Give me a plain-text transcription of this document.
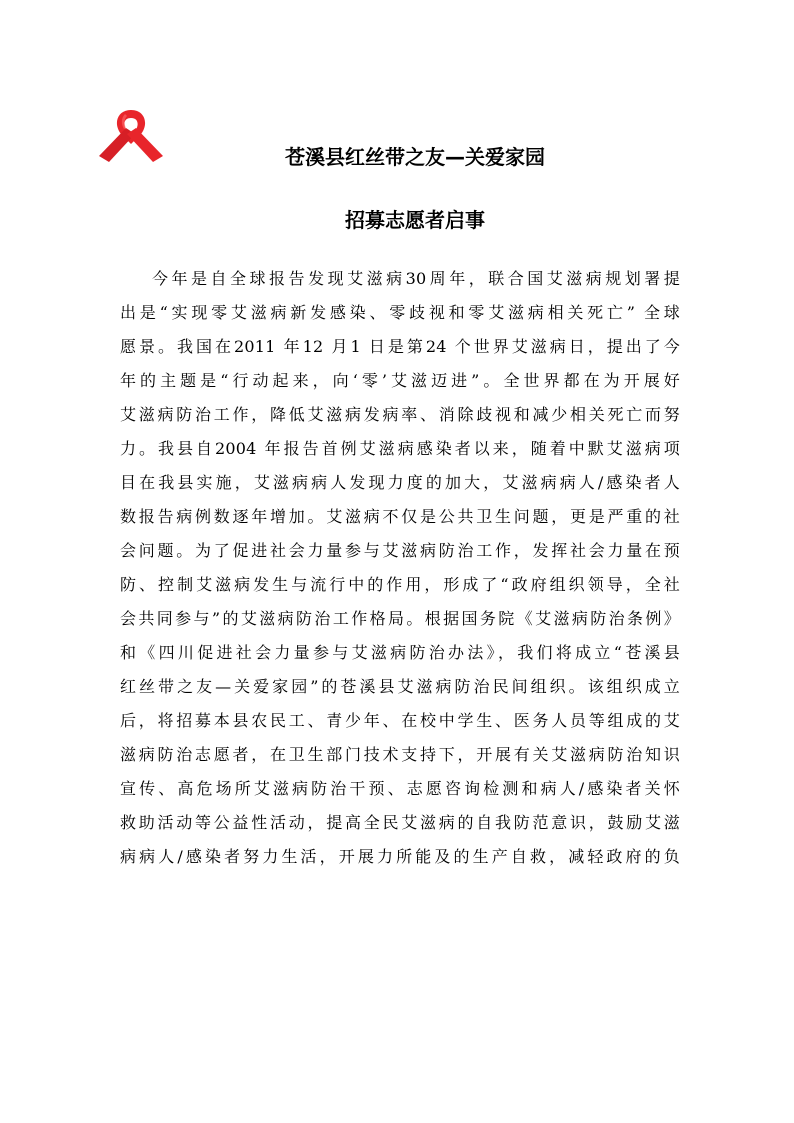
苍溪县红丝带之友—关爱家园
招募志愿者启事
今年是自全球报告发现艾滋病30周年，联合国艾滋病规划署提
出是“实现零艾滋病新发感染、零歧视和零艾滋病相关死亡” 全球
愿景。我国在2011 年12 月1 日是第24 个世界艾滋病日，提出了今
年的主题是“行动起来，向‘零’艾滋迈进”。全世界都在为开展好
艾滋病防治工作，降低艾滋病发病率、消除歧视和减少相关死亡而努
力。我县自2004 年报告首例艾滋病感染者以来，随着中默艾滋病项
目在我县实施，艾滋病病人发现力度的加大，艾滋病病人/感染者人
数报告病例数逐年增加。艾滋病不仅是公共卫生问题，更是严重的社
会问题。为了促进社会力量参与艾滋病防治工作，发挥社会力量在预
防、控制艾滋病发生与流行中的作用，形成了“政府组织领导，全社
会共同参与”的艾滋病防治工作格局。根据国务院《艾滋病防治条例》
和《四川促进社会力量参与艾滋病防治办法》，我们将成立“苍溪县
红丝带之友—关爱家园”的苍溪县艾滋病防治民间组织。该组织成立
后，将招募本县农民工、青少年、在校中学生、医务人员等组成的艾
滋病防治志愿者，在卫生部门技术支持下，开展有关艾滋病防治知识
宣传、高危场所艾滋病防治干预、志愿咨询检测和病人/感染者关怀
救助活动等公益性活动，提高全民艾滋病的自我防范意识，鼓励艾滋
病病人/感染者努力生活，开展力所能及的生产自救，减轻政府的负
